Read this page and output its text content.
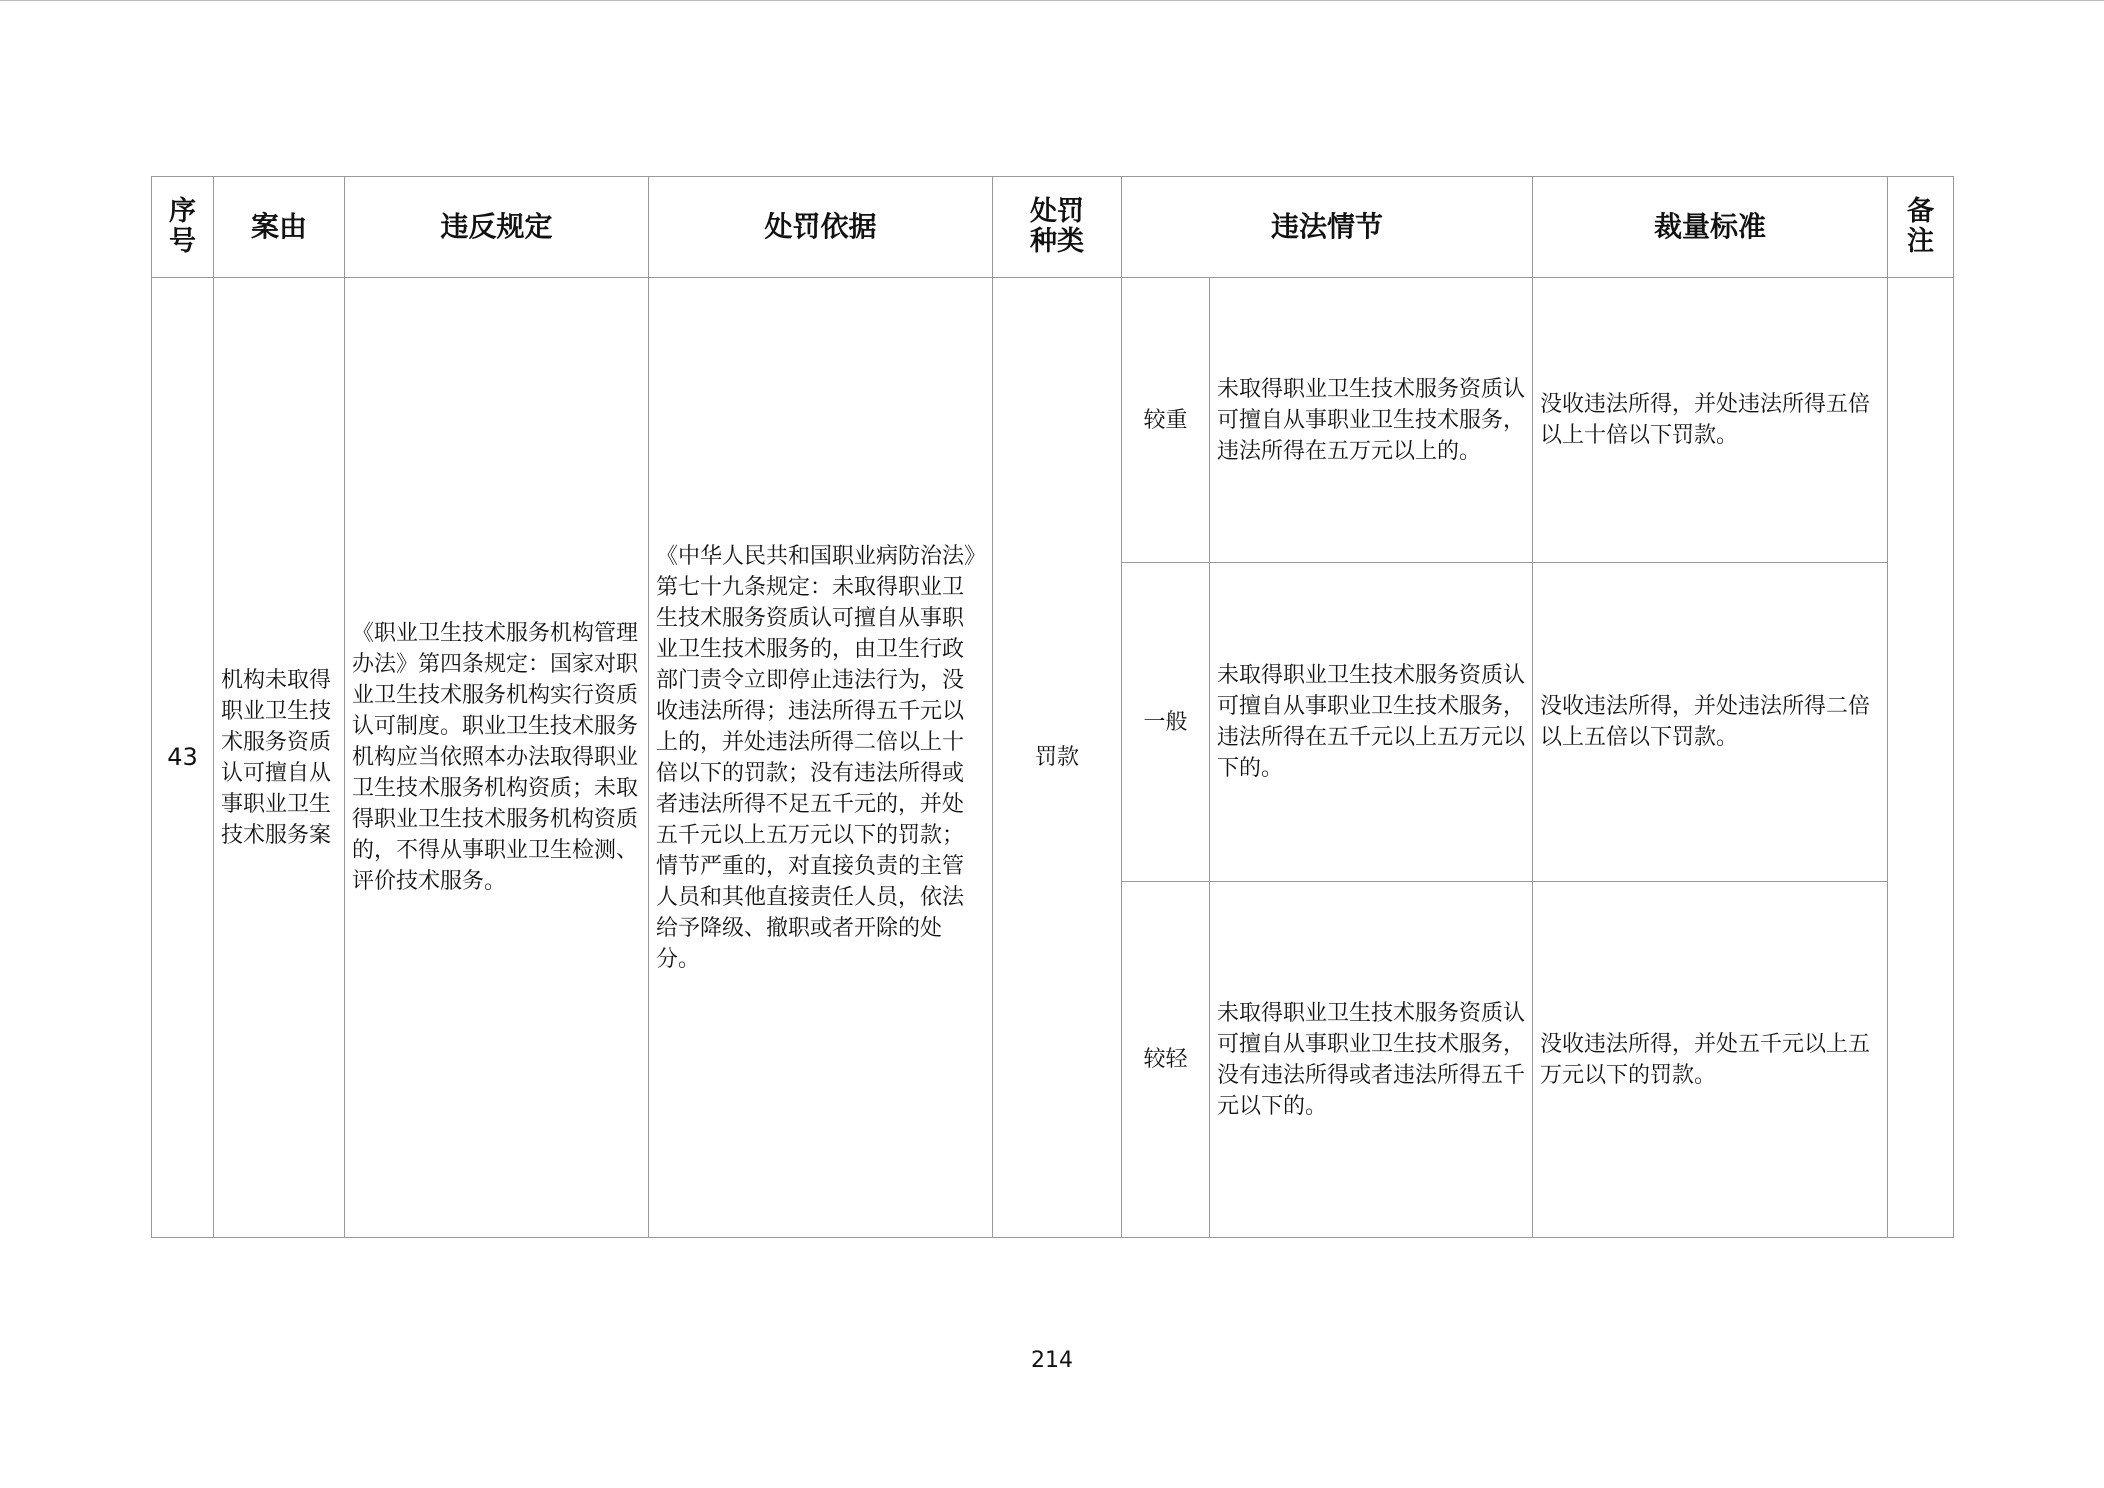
序号	案由	违反规定	处罚依据	处罚种类	违法情节		裁量标准	备注

43	机构未取得职业卫生技术服务资质认可擅自从事职业卫生技术服务案	《职业卫生技术服务机构管理办法》第四条规定：国家对职业卫生技术服务机构实行资质认可制度。职业卫生技术服务机构应当依照本办法取得职业卫生技术服务机构资质；未取得职业卫生技术服务机构资质的，不得从事职业卫生检测、评价技术服务。	《中华人民共和国职业病防治法》第七十九条规定：未取得职业卫生技术服务资质认可擅自从事职业卫生技术服务的，由卫生行政部门责令立即停止违法行为，没收违法所得；违法所得五千元以上的，并处违法所得二倍以上十倍以下的罚款；没有违法所得或者违法所得不足五千元的，并处五千元以上五万元以下的罚款；情节严重的，对直接负责的主管人员和其他直接责任人员，依法给予降级、撤职或者开除的处分。	罚款	较重	未取得职业卫生技术服务资质认可擅自从事职业卫生技术服务，违法所得在五万元以上的。	没收违法所得，并处违法所得五倍以上十倍以下罚款。	

					一般	未取得职业卫生技术服务资质认可擅自从事职业卫生技术服务，违法所得在五千元以上五万元以下的。	没收违法所得，并处违法所得二倍以上五倍以下罚款。	

					较轻	未取得职业卫生技术服务资质认可擅自从事职业卫生技术服务，没有违法所得或者违法所得五千元以下的。	没收违法所得，并处五千元以上五万元以下的罚款。	
214
